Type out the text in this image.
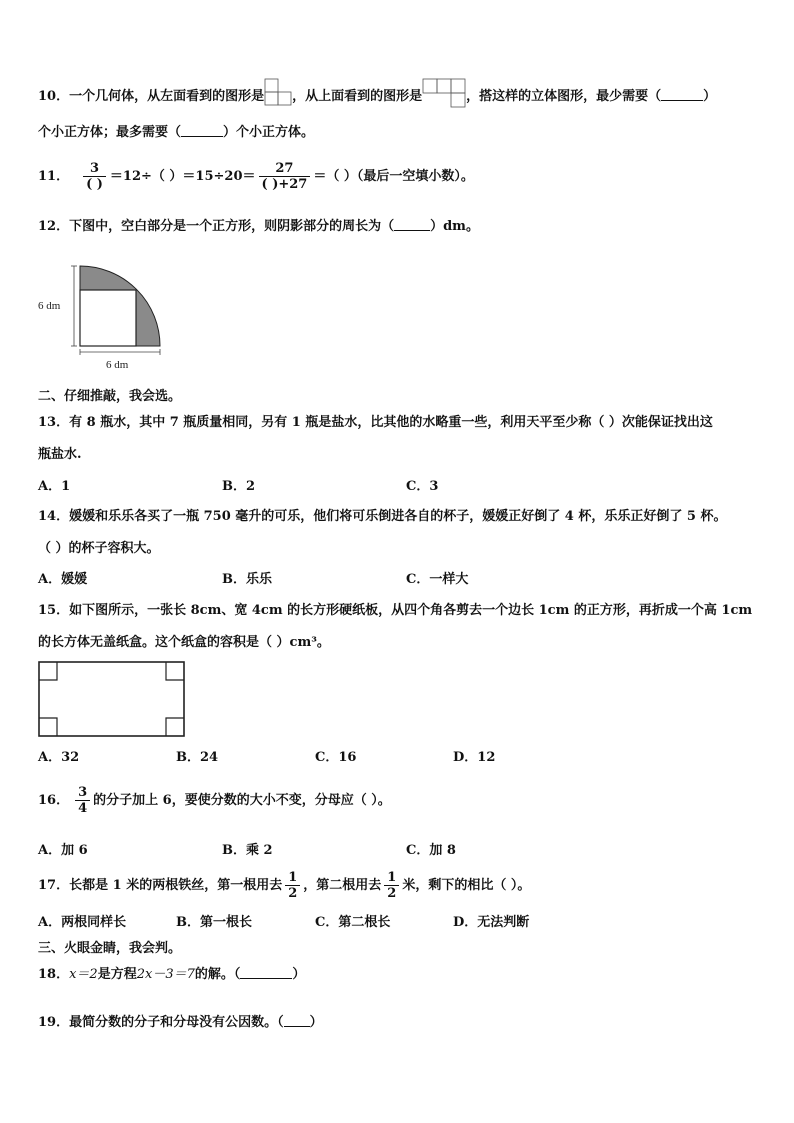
10．一个几何体，从左面看到的图形是 ，从上面看到的图形是	，搭这样的立体图形，最少需要（	）
个小正方体；最多需要（	）个小正方体。
11． $\frac{3}{( )} =12\div$（ ）$=15\div 20= \frac{27}{( )+27}$ ＝（ ）（最后一空填小数）。
12．下图中，空白部分是一个正方形，则阴影部分的周长为（	）dm。
6 dm
6 dm
二、仔细推敲，我会选。
13．有 8 瓶水，其中 7 瓶质量相同，另有 1 瓶是盐水，比其他的水略重一些，利用天平至少称（ ）次能保证找出这
瓶盐水.
A．1	B．2	C．3
14．媛媛和乐乐各买了一瓶 750 毫升的可乐，他们将可乐倒进各自的杯子，媛媛正好倒了 4 杯，乐乐正好倒了 5 杯。
（ ）的杯子容积大。
A．媛媛	B．乐乐	C．一样大
15．如下图所示，一张长 8cm、宽 4cm 的长方形硬纸板，从四个角各剪去一个边长 1cm 的正方形，再折成一个高 1cm
的长方体无盖纸盒。这个纸盒的容积是（ ）cm³。
A．32	B．24	C．16	D．12
16． $\frac{3}{4}$ 的分子加上 6，要使分数的大小不变，分母应（ ）。
A．加 6	B．乘 2	C．加 8
17．长都是 1 米的两根铁丝，第一根用去 $\frac{1}{2}$ ，第二根用去 $\frac{1}{2}$ 米，剩下的相比（ ）。
A．两根同样长	B．第一根长	C．第二根长	D．无法判断
三、火眼金睛，我会判。
18．x＝2是方程2x－3＝7的解。（	）
19．最简分数的分子和分母没有公因数。（ ）
